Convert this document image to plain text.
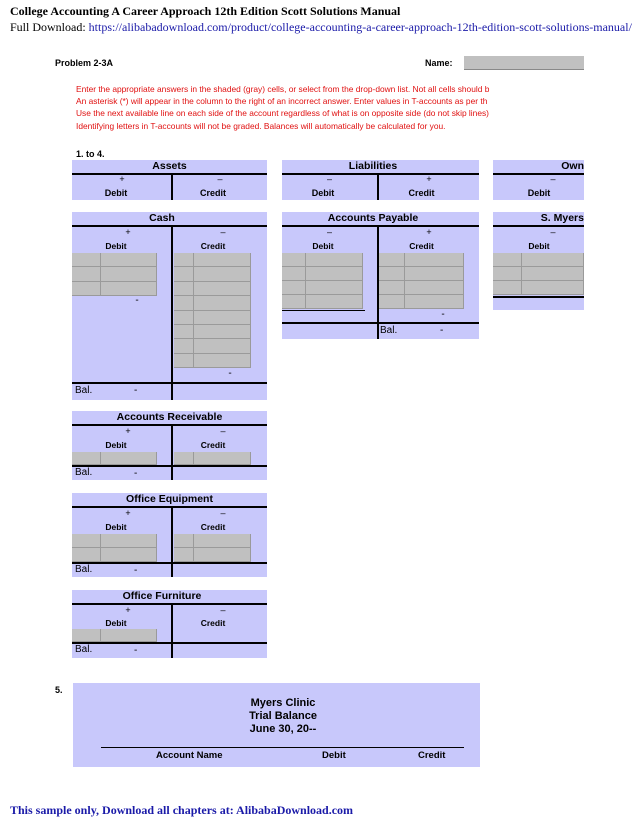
College Accounting A Career Approach 12th Edition Scott Solutions Manual
Full Download: https://alibabadownload.com/product/college-accounting-a-career-approach-12th-edition-scott-solutions-manual/
Problem 2-3A	Name:
Enter the appropriate answers in the shaded (gray) cells, or select from the drop-down list. Not all cells should b
An asterisk (*) will appear in the column to the right of an incorrect answer. Enter values in T-accounts as per th
Use the next available line on each side of the account regardless of what is on opposite side (do not skip lines)
Identifying letters in T-accounts will not be graded. Balances will automatically be calculated for you.
1. to 4.
Assets
+	–
Debit	Credit
Liabilities
–	+
Debit	Credit
Own
–
Debit
Cash
+	–
Debit	Credit
-
-
Bal.	-
Accounts Payable
–	+
Debit	Credit
-
Bal.	-
S. Myers
–
Debit
Accounts Receivable
+	–
Debit	Credit
Bal.	-
Office Equipment
+	–
Debit	Credit
Bal.	-
Office Furniture
+	–
Debit	Credit
Bal.	-
5.
Myers Clinic
Trial Balance
June 30, 20--
Account Name	Debit	Credit
This sample only, Download all chapters at: AlibabaDownload.com
